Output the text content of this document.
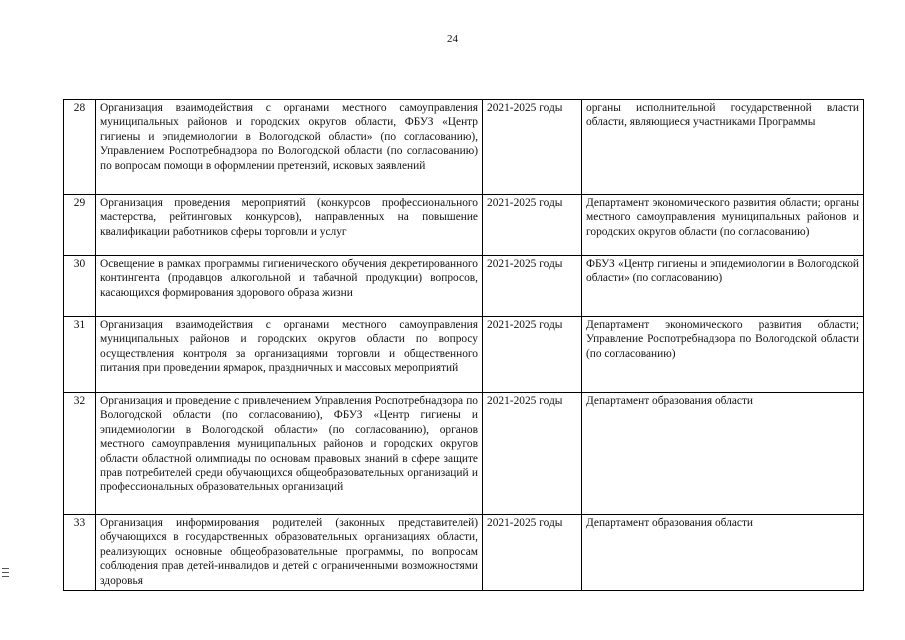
24
28	Организация взаимодействия с органами местного самоуправления муниципальных районов и городских округов области, ФБУЗ «Центр гигиены и эпидемиологии в Вологодской области» (по согласованию), Управлением Роспотребнадзора по Вологодской области (по согласованию) по вопросам помощи в оформлении претензий, исковых заявлений	2021-2025 годы	органы исполнительной государственной власти области, являющиеся участниками Программы
29	Организация проведения мероприятий (конкурсов профессионального мастерства, рейтинговых конкурсов), направленных на повышение квалификации работников сферы торговли и услуг	2021-2025 годы	Департамент экономического развития области; органы местного самоуправления муниципальных районов и городских округов области (по согласованию)
30	Освещение в рамках программы гигиенического обучения декретированного контингента (продавцов алкогольной и табачной продукции) вопросов, касающихся формирования здорового образа жизни	2021-2025 годы	ФБУЗ «Центр гигиены и эпидемиологии в Вологодской области» (по согласованию)
31	Организация взаимодействия с органами местного самоуправления муниципальных районов и городских округов области по вопросу осуществления контроля за организациями торговли и общественного питания при проведении ярмарок, праздничных и массовых мероприятий	2021-2025 годы	Департамент экономического развития области; Управление Роспотребнадзора по Вологодской области (по согласованию)
32	Организация и проведение с привлечением Управления Роспотребнадзора по Вологодской области (по согласованию), ФБУЗ «Центр гигиены и эпидемиологии в Вологодской области» (по согласованию), органов местного самоуправления муниципальных районов и городских округов области областной олимпиады по основам правовых знаний в сфере защите прав потребителей среди обучающихся общеобразовательных организаций и профессиональных образовательных организаций	2021-2025 годы	Департамент образования области
33	Организация информирования родителей (законных представителей) обучающихся в государственных образовательных организациях области, реализующих основные общеобразовательные программы, по вопросам соблюдения прав детей-инвалидов и детей с ограниченными возможностями здоровья	2021-2025 годы	Департамент образования области
